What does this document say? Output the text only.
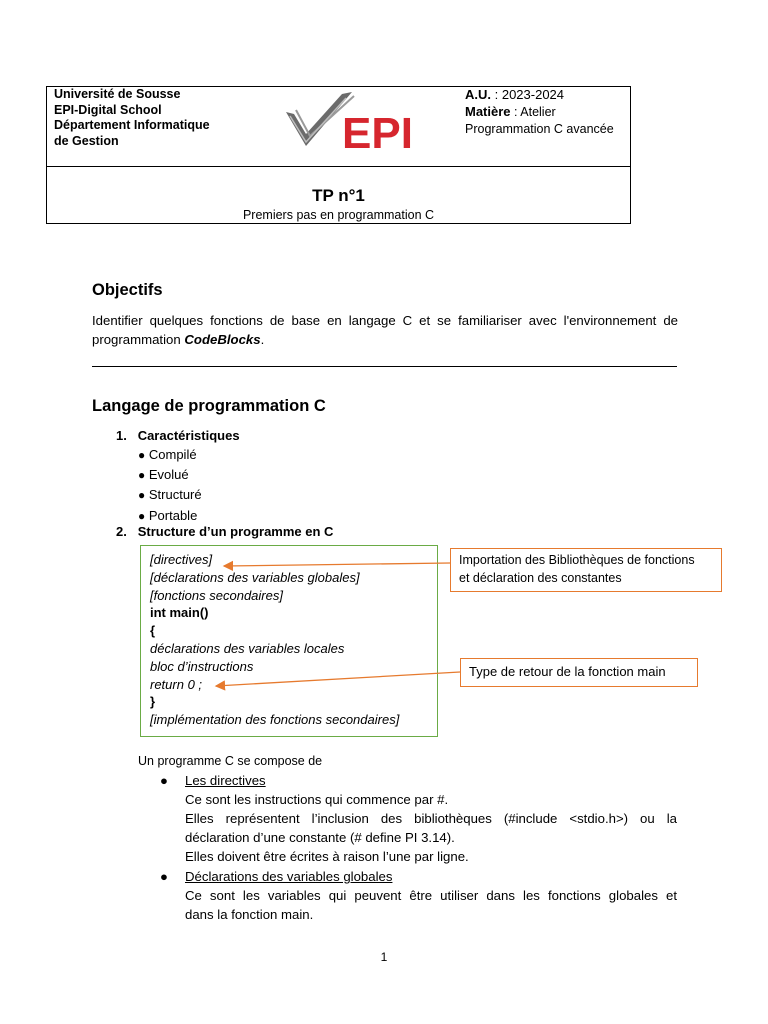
Université de Sousse
EPI-Digital School
Département Informatique
de Gestion	EPI
A.U. : 2023-2024
Matière : Atelier
Programmation C avancée
TP n°1
Premiers pas en programmation C
Objectifs
Identifier quelques fonctions de base en langage C et se familiariser avec l'environnement de
programmation CodeBlocks.
Langage de programmation C
1. Caractéristiques
● Compilé
● Evolué
● Structuré
● Portable
2. Structure d’un programme en C
[directives]
[déclarations des variables globales]
[fonctions secondaires]
int main()
{
déclarations des variables locales
bloc d’instructions
return 0 ;
}
[implémentation des fonctions secondaires]
Importation des Bibliothèques de fonctions
et déclaration des constantes
Type de retour de la fonction main
Un programme C se compose de
● Les directives
Ce sont les instructions qui commence par #.
Elles représentent l’inclusion des bibliothèques (#include <stdio.h>) ou la
déclaration d’une constante (# define PI 3.14).
Elles doivent être écrites à raison l’une par ligne.
● Déclarations des variables globales
Ce sont les variables qui peuvent être utiliser dans les fonctions globales et
dans la fonction main.
1
